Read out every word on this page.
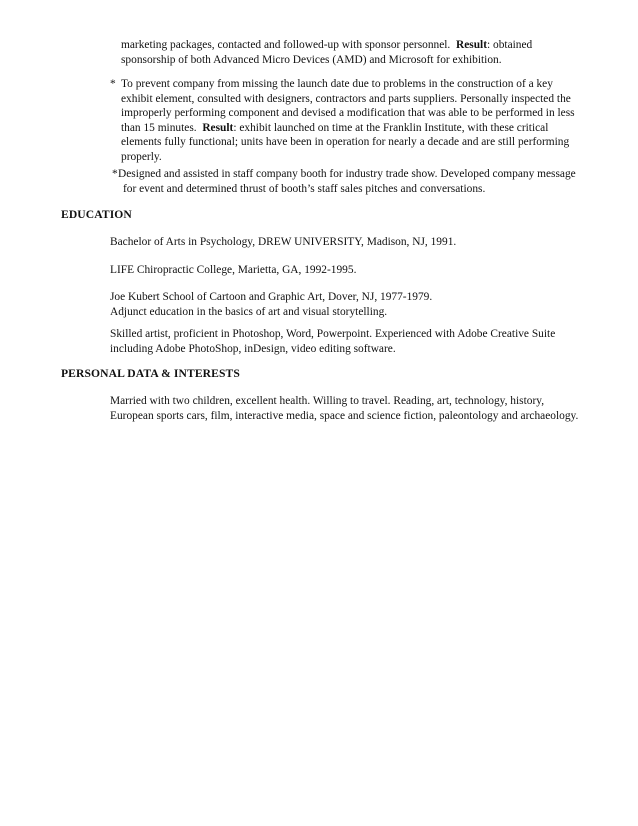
marketing packages, contacted and followed-up with sponsor personnel. Result: obtained
sponsorship of both Advanced Micro Devices (AMD) and Microsoft for exhibition.
* To prevent company from missing the launch date due to problems in the construction of a key exhibit element, consulted with designers, contractors and parts suppliers. Personally inspected the improperly performing component and devised a modification that was able to be performed in less than 15 minutes. Result: exhibit launched on time at the Franklin Institute, with these critical elements fully functional; units have been in operation for nearly a decade and are still performing properly.
*Designed and assisted in staff company booth for industry trade show. Developed company message for event and determined thrust of booth’s staff sales pitches and conversations.
EDUCATION
Bachelor of Arts in Psychology, DREW UNIVERSITY, Madison, NJ, 1991.
LIFE Chiropractic College, Marietta, GA, 1992-1995.
Joe Kubert School of Cartoon and Graphic Art, Dover, NJ, 1977-1979.
Adjunct education in the basics of art and visual storytelling.
Skilled artist, proficient in Photoshop, Word, Powerpoint. Experienced with Adobe Creative Suite including Adobe PhotoShop, inDesign, video editing software.
PERSONAL DATA & INTERESTS
Married with two children, excellent health. Willing to travel. Reading, art, technology, history, European sports cars, film, interactive media, space and science fiction, paleontology and archaeology.
